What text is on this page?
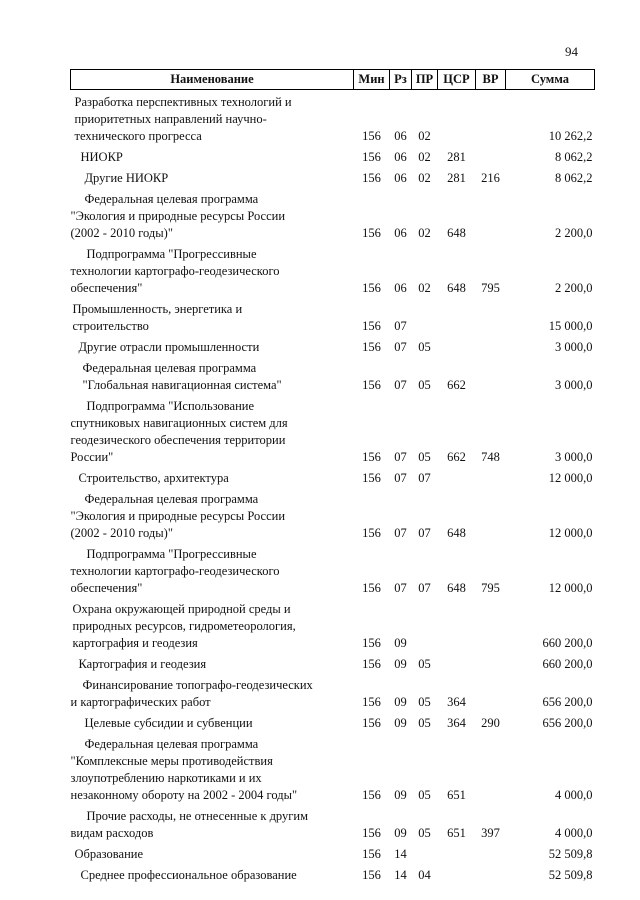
94
Наименование	Мин	Рз	ПР	ЦСР	ВР	Сумма
Разработка перспективных технологий и
приоритетных направлений научно-
технического прогресса	156	06	02			10 262,2
НИОКР	156	06	02	281		8 062,2
Другие НИОКР	156	06	02	281	216	8 062,2
Федеральная целевая программа
"Экология и природные ресурсы России
(2002 - 2010 годы)"	156	06	02	648		2 200,0
Подпрограмма "Прогрессивные
технологии картографо-геодезического
обеспечения"	156	06	02	648	795	2 200,0
Промышленность, энергетика и
строительство	156	07				15 000,0
Другие отрасли промышленности	156	07	05			3 000,0
Федеральная целевая программа
"Глобальная навигационная система"	156	07	05	662		3 000,0
Подпрограмма "Использование
спутниковых навигационных систем для
геодезического обеспечения территории
России"	156	07	05	662	748	3 000,0
Строительство, архитектура	156	07	07			12 000,0
Федеральная целевая программа
"Экология и природные ресурсы России
(2002 - 2010 годы)"	156	07	07	648		12 000,0
Подпрограмма "Прогрессивные
технологии картографо-геодезического
обеспечения"	156	07	07	648	795	12 000,0
Охрана окружающей природной среды и
природных ресурсов, гидрометеорология,
картография и геодезия	156	09				660 200,0
Картография и геодезия	156	09	05			660 200,0
Финансирование топографо-геодезических
и картографических работ	156	09	05	364		656 200,0
Целевые субсидии и субвенции	156	09	05	364	290	656 200,0
Федеральная целевая программа
"Комплексные меры противодействия
злоупотреблению наркотиками и их
незаконному обороту на 2002 - 2004 годы"	156	09	05	651		4 000,0
Прочие расходы, не отнесенные к другим
видам расходов	156	09	05	651	397	4 000,0
Образование	156	14				52 509,8
Среднее профессиональное образование	156	14	04			52 509,8
